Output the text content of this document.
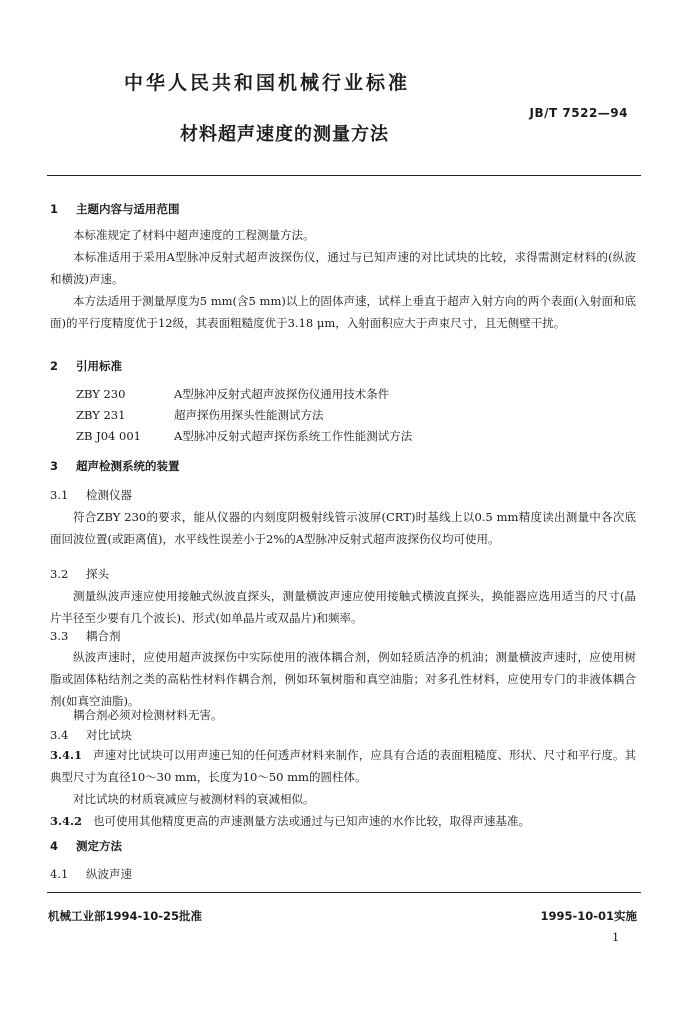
中华人民共和国机械行业标准
JB/T 7522—94
材料超声速度的测量方法
1 主题内容与适用范围

本标准规定了材料中超声速度的工程测量方法。

本标准适用于采用A型脉冲反射式超声波探伤仪，通过与已知声速的对比试块的比较，求得需测定材料的(纵波和横波)声速。

本方法适用于测量厚度为5 mm(含5 mm)以上的固体声速，试样上垂直于超声入射方向的两个表面(入射面和底面)的平行度精度优于12级，其表面粗糙度优于3.18 μm，入射面积应大于声束尺寸，且无侧壁干扰。

2 引用标准
ZBY 230	A型脉冲反射式超声波探伤仪通用技术条件
ZBY 231	超声探伤用探头性能测试方法
ZB J04 001	A型脉冲反射式超声探伤系统工作性能测试方法
3 超声检测系统的装置
3.1 检测仪器

符合ZBY 230的要求，能从仪器的内刻度阴极射线管示波屏(CRT)时基线上以0.5 mm精度读出测量中各次底面回波位置(或距离值)，水平线性误差小于2%的A型脉冲反射式超声波探伤仪均可使用。

3.2 探头

测量纵波声速应使用接触式纵波直探头，测量横波声速应使用接触式横波直探头，换能器应选用适当的尺寸(晶片半径至少要有几个波长)、形式(如单晶片或双晶片)和频率。

3.3 耦合剂

纵波声速时，应使用超声波探伤中实际使用的液体耦合剂，例如轻质洁净的机油；测量横波声速时，应使用树脂或固体粘结剂之类的高粘性材料作耦合剂，例如环氧树脂和真空油脂；对多孔性材料，应使用专门的非液体耦合剂(如真空油脂)。

耦合剂必须对检测材料无害。

3.4 对比试块

3.4.1 声速对比试块可以用声速已知的任何透声材料来制作，应具有合适的表面粗糙度、形状、尺寸和平行度。其典型尺寸为直径10～30 mm，长度为10～50 mm的圆柱体。

对比试块的材质衰减应与被测材料的衰减相似。

3.4.2 也可使用其他精度更高的声速测量方法或通过与已知声速的水作比较，取得声速基准。

4 测定方法
4.1 纵波声速
机械工业部1994-10-25批准	1995-10-01实施
1
